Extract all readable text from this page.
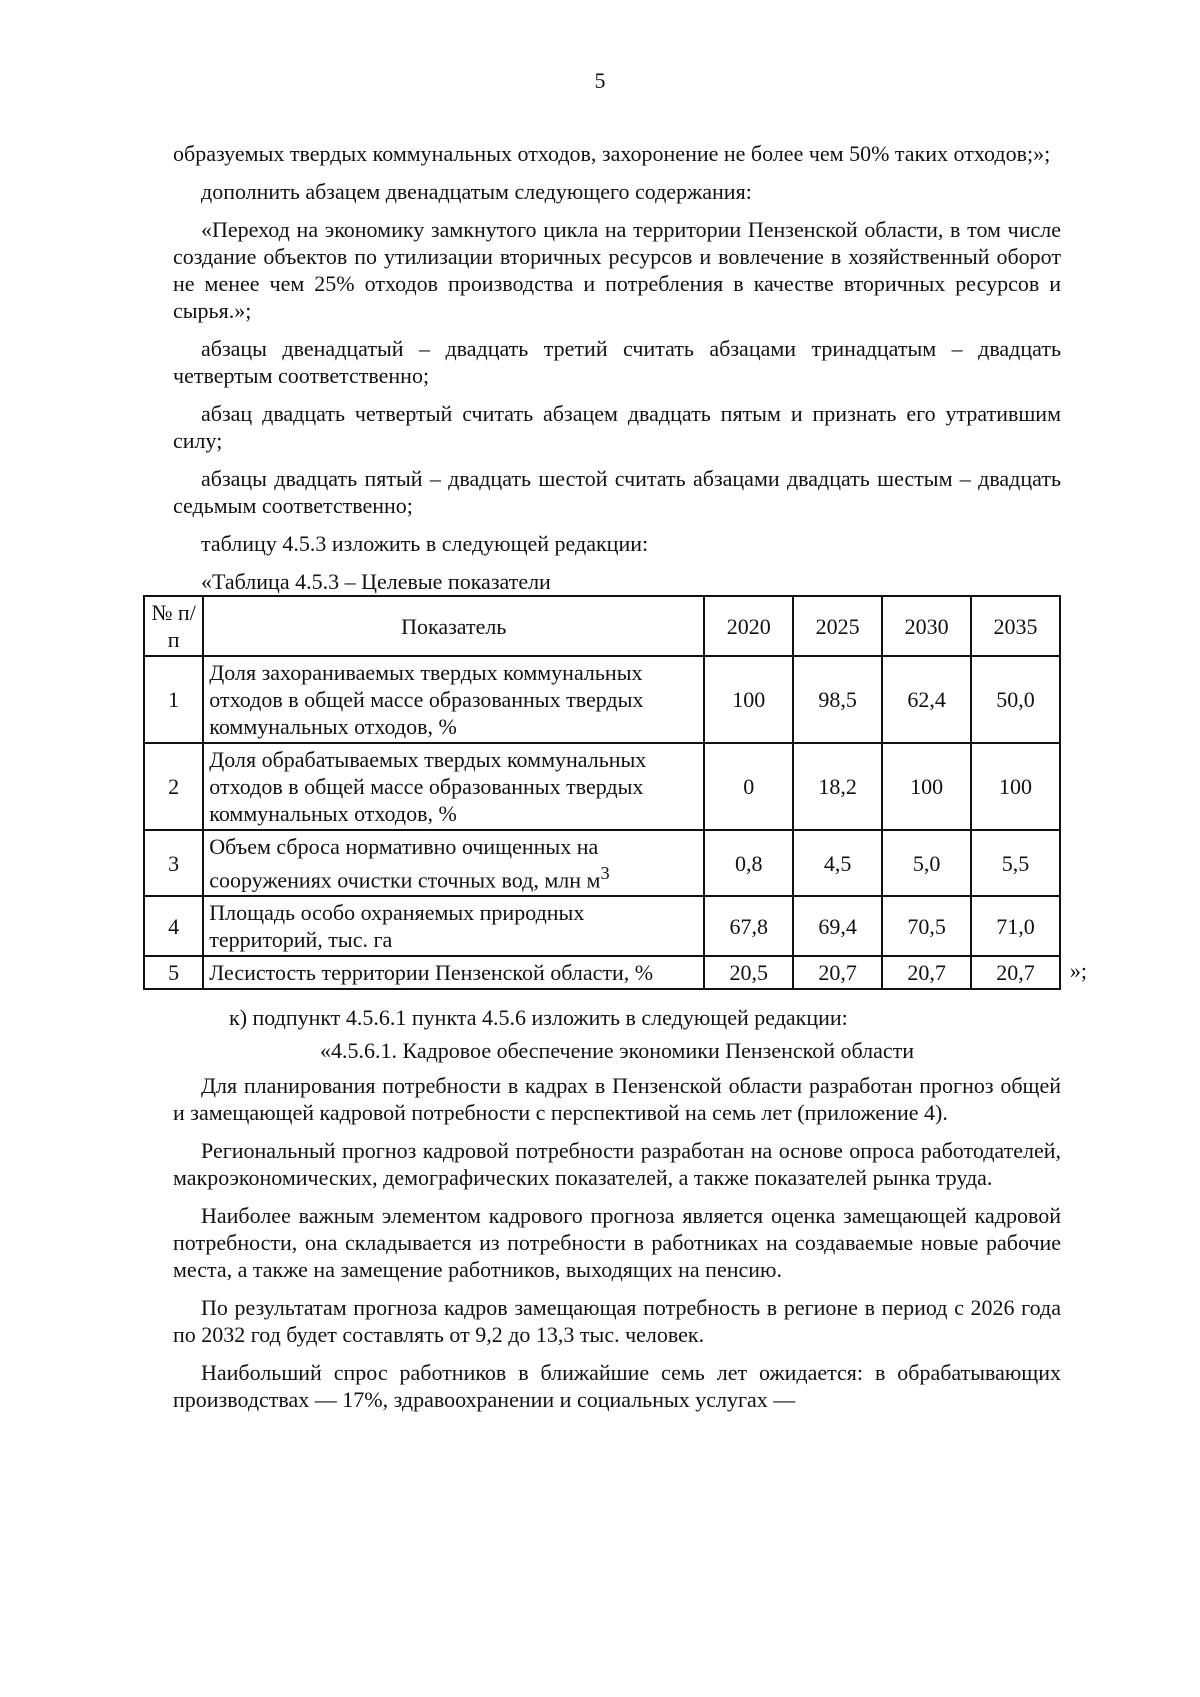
5

образуемых твердых коммунальных отходов, захоронение не более чем 50% таких отходов;»;

дополнить абзацем двенадцатым следующего содержания:

«Переход на экономику замкнутого цикла на территории Пензенской области, в том числе создание объектов по утилизации вторичных ресурсов и вовлечение в хозяйственный оборот не менее чем 25% отходов производства и потребления в качестве вторичных ресурсов и сырья.»;

абзацы двенадцатый – двадцать третий считать абзацами тринадцатым – двадцать четвертым соответственно;

абзац двадцать четвертый считать абзацем двадцать пятым и признать его утратившим силу;

абзацы двадцать пятый – двадцать шестой считать абзацами двадцать шестым – двадцать седьмым соответственно;

таблицу 4.5.3 изложить в следующей редакции:

«Таблица 4.5.3 – Целевые показатели
№ п/п	Показатель	2020	2025	2030	2035
1	Доля захораниваемых твердых коммунальных отходов в общей массе образованных твердых коммунальных отходов, %	100	98,5	62,4	50,0
2	Доля обрабатываемых твердых коммунальных отходов в общей массе образованных твердых коммунальных отходов, %	0	18,2	100	100
3	Объем сброса нормативно очищенных на сооружениях очистки сточных вод, млн $м^3$	0,8	4,5	5,0	5,5
4	Площадь особо охраняемых природных территорий, тыс. га	67,8	69,4	70,5	71,0
5	Лесистость территории Пензенской области, %	20,5	20,7	20,7	20,7 »;
к) подпункт 4.5.6.1 пункта 4.5.6 изложить в следующей редакции:
«4.5.6.1. Кадровое обеспечение экономики Пензенской области

Для планирования потребности в кадрах в Пензенской области разработан прогноз общей и замещающей кадровой потребности с перспективой на семь лет (приложение 4).

Региональный прогноз кадровой потребности разработан на основе опроса работодателей, макроэкономических, демографических показателей, а также показателей рынка труда.

Наиболее важным элементом кадрового прогноза является оценка замещающей кадровой потребности, она складывается из потребности в работниках на создаваемые новые рабочие места, а также на замещение работников, выходящих на пенсию.

По результатам прогноза кадров замещающая потребность в регионе в период с 2026 года по 2032 год будет составлять от 9,2 до 13,3 тыс. человек.

Наибольший спрос работников в ближайшие семь лет ожидается: в обрабатывающих производствах — 17%, здравоохранении и социальных услугах —
